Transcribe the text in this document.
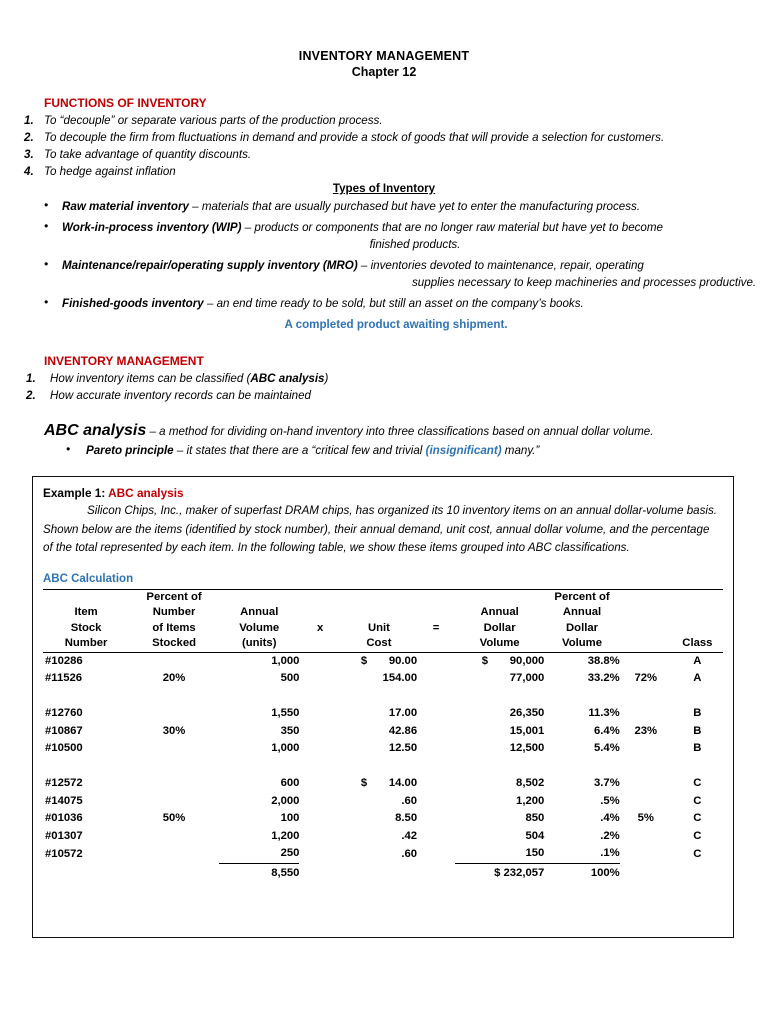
INVENTORY MANAGEMENT
Chapter 12
FUNCTIONS OF INVENTORY
1. To “decouple” or separate various parts of the production process.
2. To decouple the firm from fluctuations in demand and provide a stock of goods that will provide a selection for customers.
3. To take advantage of quantity discounts.
4. To hedge against inflation
Types of Inventory
• Raw material inventory – materials that are usually purchased but have yet to enter the manufacturing process.
• Work-in-process inventory (WIP) – products or components that are no longer raw material but have yet to become
finished products.
• Maintenance/repair/operating supply inventory (MRO) – inventories devoted to maintenance, repair, operating
supplies necessary to keep machineries and processes productive.
• Finished-goods inventory – an end time ready to be sold, but still an asset on the company’s books.
A completed product awaiting shipment.
INVENTORY MANAGEMENT
1. How inventory items can be classified (ABC analysis)
2. How accurate inventory records can be maintained
ABC analysis – a method for dividing on-hand inventory into three classifications based on annual dollar volume.
• Pareto principle – it states that there are a “critical few and trivial (insignificant) many.”
Example 1: ABC analysis
Silicon Chips, Inc., maker of superfast DRAM chips, has organized its 10 inventory items on an annual dollar-volume basis. Shown below are the items (identified by stock number), their annual demand, unit cost, annual dollar volume, and the percentage of the total represented by each item. In the following table, we show these items grouped into ABC classifications.
ABC Calculation
	Percent of						Percent of		
Item	Number	Annual				Annual	Annual		
Stock	of Items	Volume	x	Unit	=	Dollar	Dollar		
Number	Stocked	(units)		Cost		Volume	Volume		Class
#10286		1,000		$ 90.00		$ 90,000	38.8%		A
#11526	20%	500		154.00		77,000	33.2%	72%	A

#12760		1,550		17.00		26,350	11.3%		B
#10867	30%	350		42.86		15,001	6.4%	23%	B
#10500		1,000		12.50		12,500	5.4%		B

#12572		600		$ 14.00		8,502	3.7%		C
#14075		2,000		.60		1,200	.5%		C
#01036	50%	100		8.50		850	.4%	5%	C
#01307		1,200		.42		504	.2%		C
#10572		250		.60		150	.1%		C
		8,550				$ 232,057	100%		
